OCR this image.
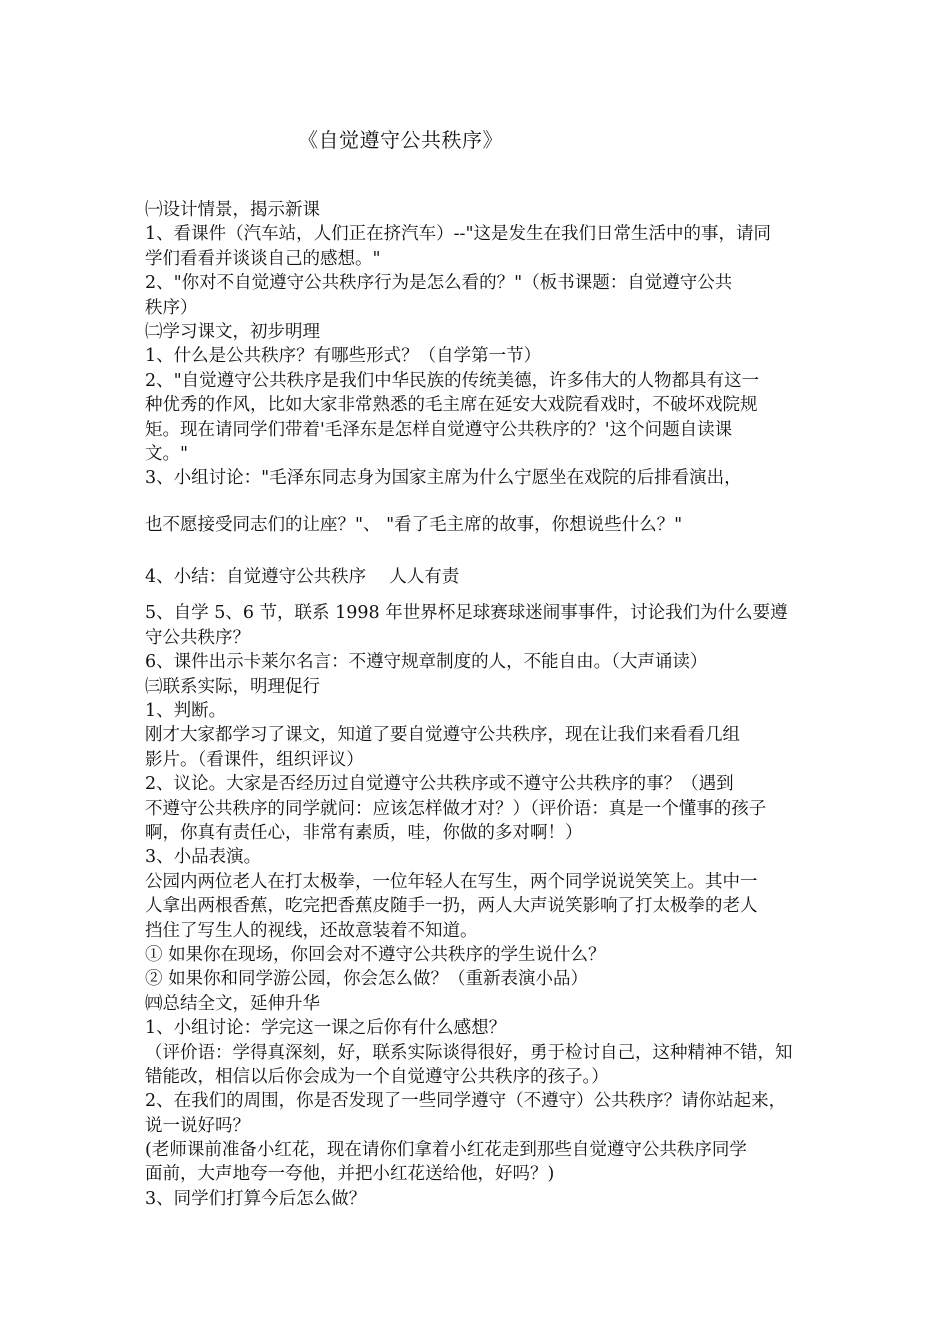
《自觉遵守公共秩序》
㈠设计情景，揭示新课
1、看课件（汽车站，人们正在挤汽车）--"这是发生在我们日常生活中的事，请同
学们看看并谈谈自己的感想。"
2、"你对不自觉遵守公共秩序行为是怎么看的？"（板书课题：自觉遵守公共
秩序）
㈡学习课文，初步明理
1、什么是公共秩序？有哪些形式？（自学第一节）
2、"自觉遵守公共秩序是我们中华民族的传统美德，许多伟大的人物都具有这一
种优秀的作风，比如大家非常熟悉的毛主席在延安大戏院看戏时，不破坏戏院规
矩。现在请同学们带着'毛泽东是怎样自觉遵守公共秩序的？'这个问题自读课
文。"
3、小组讨论："毛泽东同志身为国家主席为什么宁愿坐在戏院的后排看演出，
也不愿接受同志们的让座？"、 "看了毛主席的故事，你想说些什么？"
4、小结：自觉遵守公共秩序　 人人有责
5、自学 5、6 节，联系 1998 年世界杯足球赛球迷闹事事件，讨论我们为什么要遵
守公共秩序？
6、课件出示卡莱尔名言：不遵守规章制度的人，不能自由。（大声诵读）
㈢联系实际，明理促行
1、判断。
刚才大家都学习了课文，知道了要自觉遵守公共秩序，现在让我们来看看几组
影片。（看课件，组织评议）
2、议论。大家是否经历过自觉遵守公共秩序或不遵守公共秩序的事？（遇到
不遵守公共秩序的同学就问：应该怎样做才对？）（评价语：真是一个懂事的孩子
啊，你真有责任心，非常有素质，哇，你做的多对啊！）
3、小品表演。
公园内两位老人在打太极拳，一位年轻人在写生，两个同学说说笑笑上。其中一
人拿出两根香蕉，吃完把香蕉皮随手一扔，两人大声说笑影响了打太极拳的老人
挡住了写生人的视线，还故意装着不知道。
① 如果你在现场，你回会对不遵守公共秩序的学生说什么？
② 如果你和同学游公园，你会怎么做？（重新表演小品）
㈣总结全文，延伸升华
1、小组讨论：学完这一课之后你有什么感想？
（评价语：学得真深刻，好，联系实际谈得很好，勇于检讨自己，这种精神不错，知
错能改，相信以后你会成为一个自觉遵守公共秩序的孩子。）
2、在我们的周围，你是否发现了一些同学遵守（不遵守）公共秩序？请你站起来，
说一说好吗？
(老师课前准备小红花，现在请你们拿着小红花走到那些自觉遵守公共秩序同学
面前，大声地夸一夸他，并把小红花送给他，好吗？)
3、同学们打算今后怎么做？
